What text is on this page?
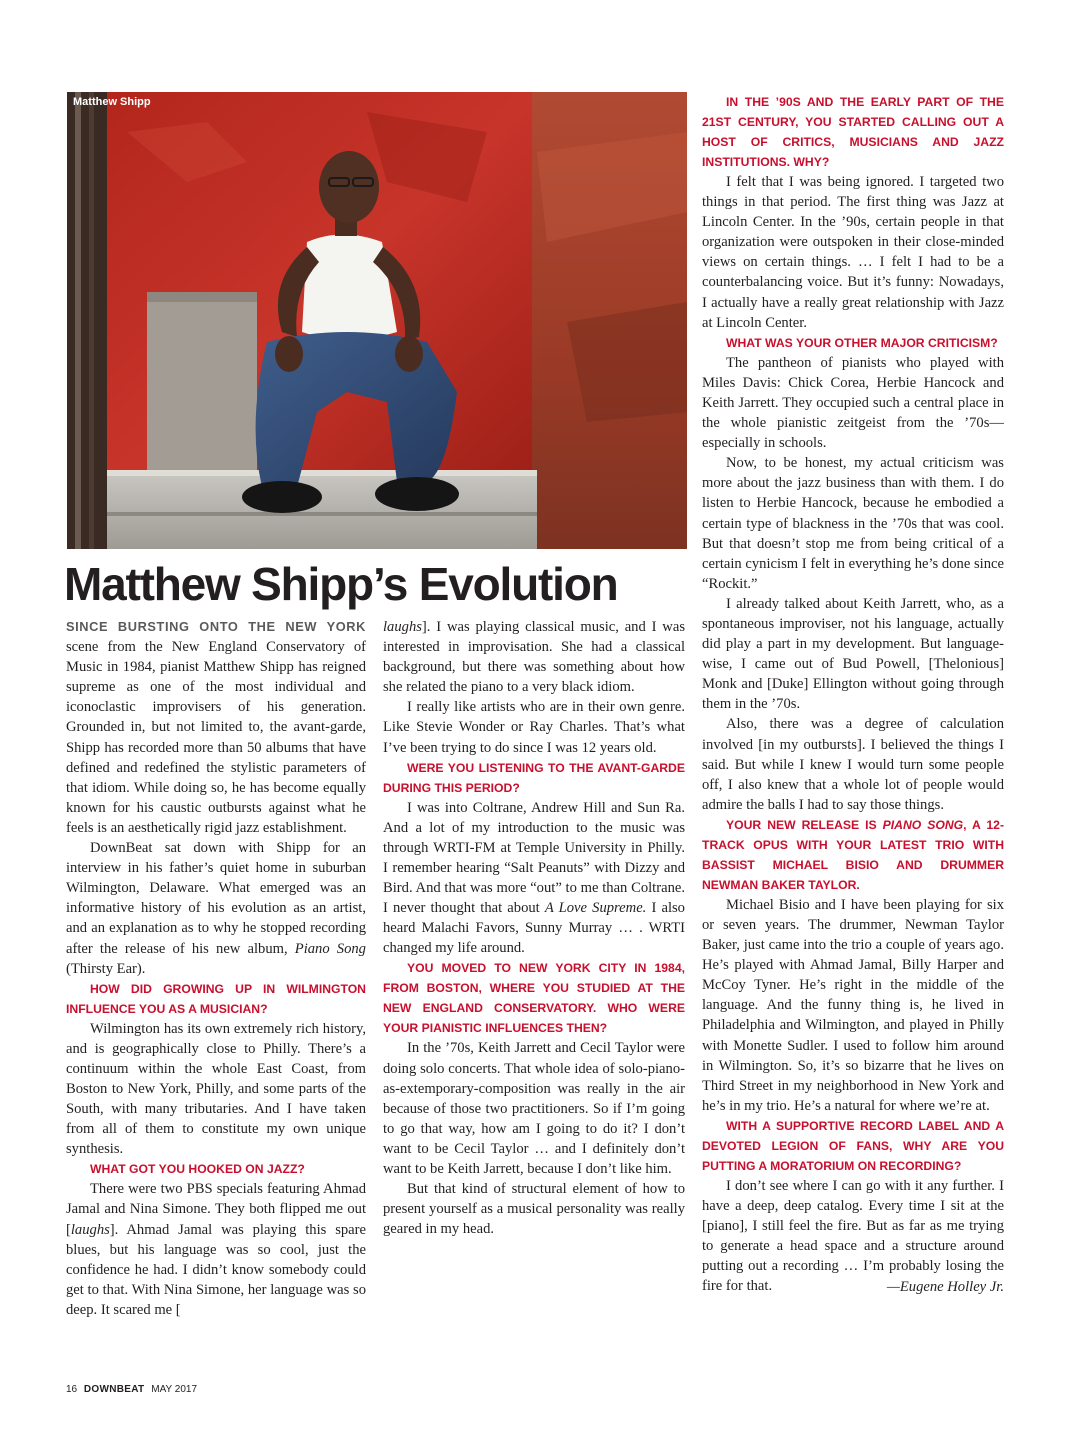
Matthew Shipp
Matthew Shipp’s Evolution

SINCE BURSTING ONTO THE NEW YORK scene from the New England Conservatory of Music in 1984, pianist Matthew Shipp has reigned supreme as one of the most individual and iconoclastic improvisers of his generation. Grounded in, but not limited to, the avant-garde, Shipp has recorded more than 50 albums that have defined and redefined the stylistic parameters of that idiom. While doing so, he has become equally known for his caustic outbursts against what he feels is an aesthetically rigid jazz establishment.

DownBeat sat down with Shipp for an interview in his father’s quiet home in suburban Wilmington, Delaware. What emerged was an informative history of his evolution as an artist, and an explanation as to why he stopped recording after the release of his new album, Piano Song (Thirsty Ear).

HOW DID GROWING UP IN WILMINGTON INFLUENCE YOU AS A MUSICIAN?

Wilmington has its own extremely rich history, and is geographically close to Philly. There’s a continuum within the whole East Coast, from Boston to New York, Philly, and some parts of the South, with many tributaries. And I have taken from all of them to constitute my own unique synthesis.

WHAT GOT YOU HOOKED ON JAZZ?

There were two PBS specials featuring Ahmad Jamal and Nina Simone. They both flipped me out [laughs]. Ahmad Jamal was playing this spare blues, but his language was so cool, just the confidence he had. I didn’t know somebody could get to that. With Nina Simone, her language was so deep. It scared me [

laughs]. I was playing classical music, and I was interested in improvisation. She had a classical background, but there was something about how she related the piano to a very black idiom.

I really like artists who are in their own genre. Like Stevie Wonder or Ray Charles. That’s what I’ve been trying to do since I was 12 years old.

WERE YOU LISTENING TO THE AVANT-GARDE DURING THIS PERIOD?

I was into Coltrane, Andrew Hill and Sun Ra. And a lot of my introduction to the music was through WRTI-FM at Temple University in Philly. I remember hearing “Salt Peanuts” with Dizzy and Bird. And that was more “out” to me than Coltrane. I never thought that about A Love Supreme. I also heard Malachi Favors, Sunny Murray … . WRTI changed my life around.

YOU MOVED TO NEW YORK CITY IN 1984, FROM BOSTON, WHERE YOU STUDIED AT THE NEW ENGLAND CONSERVATORY. WHO WERE YOUR PIANISTIC INFLUENCES THEN?

In the ’70s, Keith Jarrett and Cecil Taylor were doing solo concerts. That whole idea of solo-piano-as-extemporary-composition was really in the air because of those two practitioners. So if I’m going to go that way, how am I going to do it? I don’t want to be Cecil Taylor … and I definitely don’t want to be Keith Jarrett, because I don’t like him.

But that kind of structural element of how to present yourself as a musical personality was really geared in my head.

IN THE ’90S AND THE EARLY PART OF THE 21ST CENTURY, YOU STARTED CALLING OUT A HOST OF CRITICS, MUSICIANS AND JAZZ INSTITUTIONS. WHY?

I felt that I was being ignored. I targeted two things in that period. The first thing was Jazz at Lincoln Center. In the ’90s, certain people in that organization were outspoken in their close-minded views on certain things. … I felt I had to be a counterbalancing voice. But it’s funny: Nowadays, I actually have a really great relationship with Jazz at Lincoln Center.

WHAT WAS YOUR OTHER MAJOR CRITICISM?

The pantheon of pianists who played with Miles Davis: Chick Corea, Herbie Hancock and Keith Jarrett. They occupied such a central place in the whole pianistic zeitgeist from the ’70s—especially in schools.

Now, to be honest, my actual criticism was more about the jazz business than with them. I do listen to Herbie Hancock, because he embodied a certain type of blackness in the ’70s that was cool. But that doesn’t stop me from being critical of a certain cynicism I felt in everything he’s done since “Rockit.”

I already talked about Keith Jarrett, who, as a spontaneous improviser, not his language, actually did play a part in my development. But language-wise, I came out of Bud Powell, [Thelonious] Monk and [Duke] Ellington without going through them in the ’70s.

Also, there was a degree of calculation involved [in my outbursts]. I believed the things I said. But while I knew I would turn some people off, I also knew that a whole lot of people would admire the balls I had to say those things.

YOUR NEW RELEASE IS PIANO SONG, A 12-TRACK OPUS WITH YOUR LATEST TRIO WITH BASSIST MICHAEL BISIO AND DRUMMER NEWMAN BAKER TAYLOR.

Michael Bisio and I have been playing for six or seven years. The drummer, Newman Taylor Baker, just came into the trio a couple of years ago. He’s played with Ahmad Jamal, Billy Harper and McCoy Tyner. He’s right in the middle of the language. And the funny thing is, he lived in Philadelphia and Wilmington, and played in Philly with Monette Sudler. I used to follow him around in Wilmington. So, it’s so bizarre that he lives on Third Street in my neighborhood in New York and he’s in my trio. He’s a natural for where we’re at.

WITH A SUPPORTIVE RECORD LABEL AND A DEVOTED LEGION OF FANS, WHY ARE YOU PUTTING A MORATORIUM ON RECORDING?

I don’t see where I can go with it any further. I have a deep, deep catalog. Every time I sit at the [piano], I still feel the fire. But as far as me trying to generate a head space and a structure around putting out a recording … I’m probably losing the fire for that.	—Eugene Holley Jr.
16 DOWNBEAT MAY 2017
